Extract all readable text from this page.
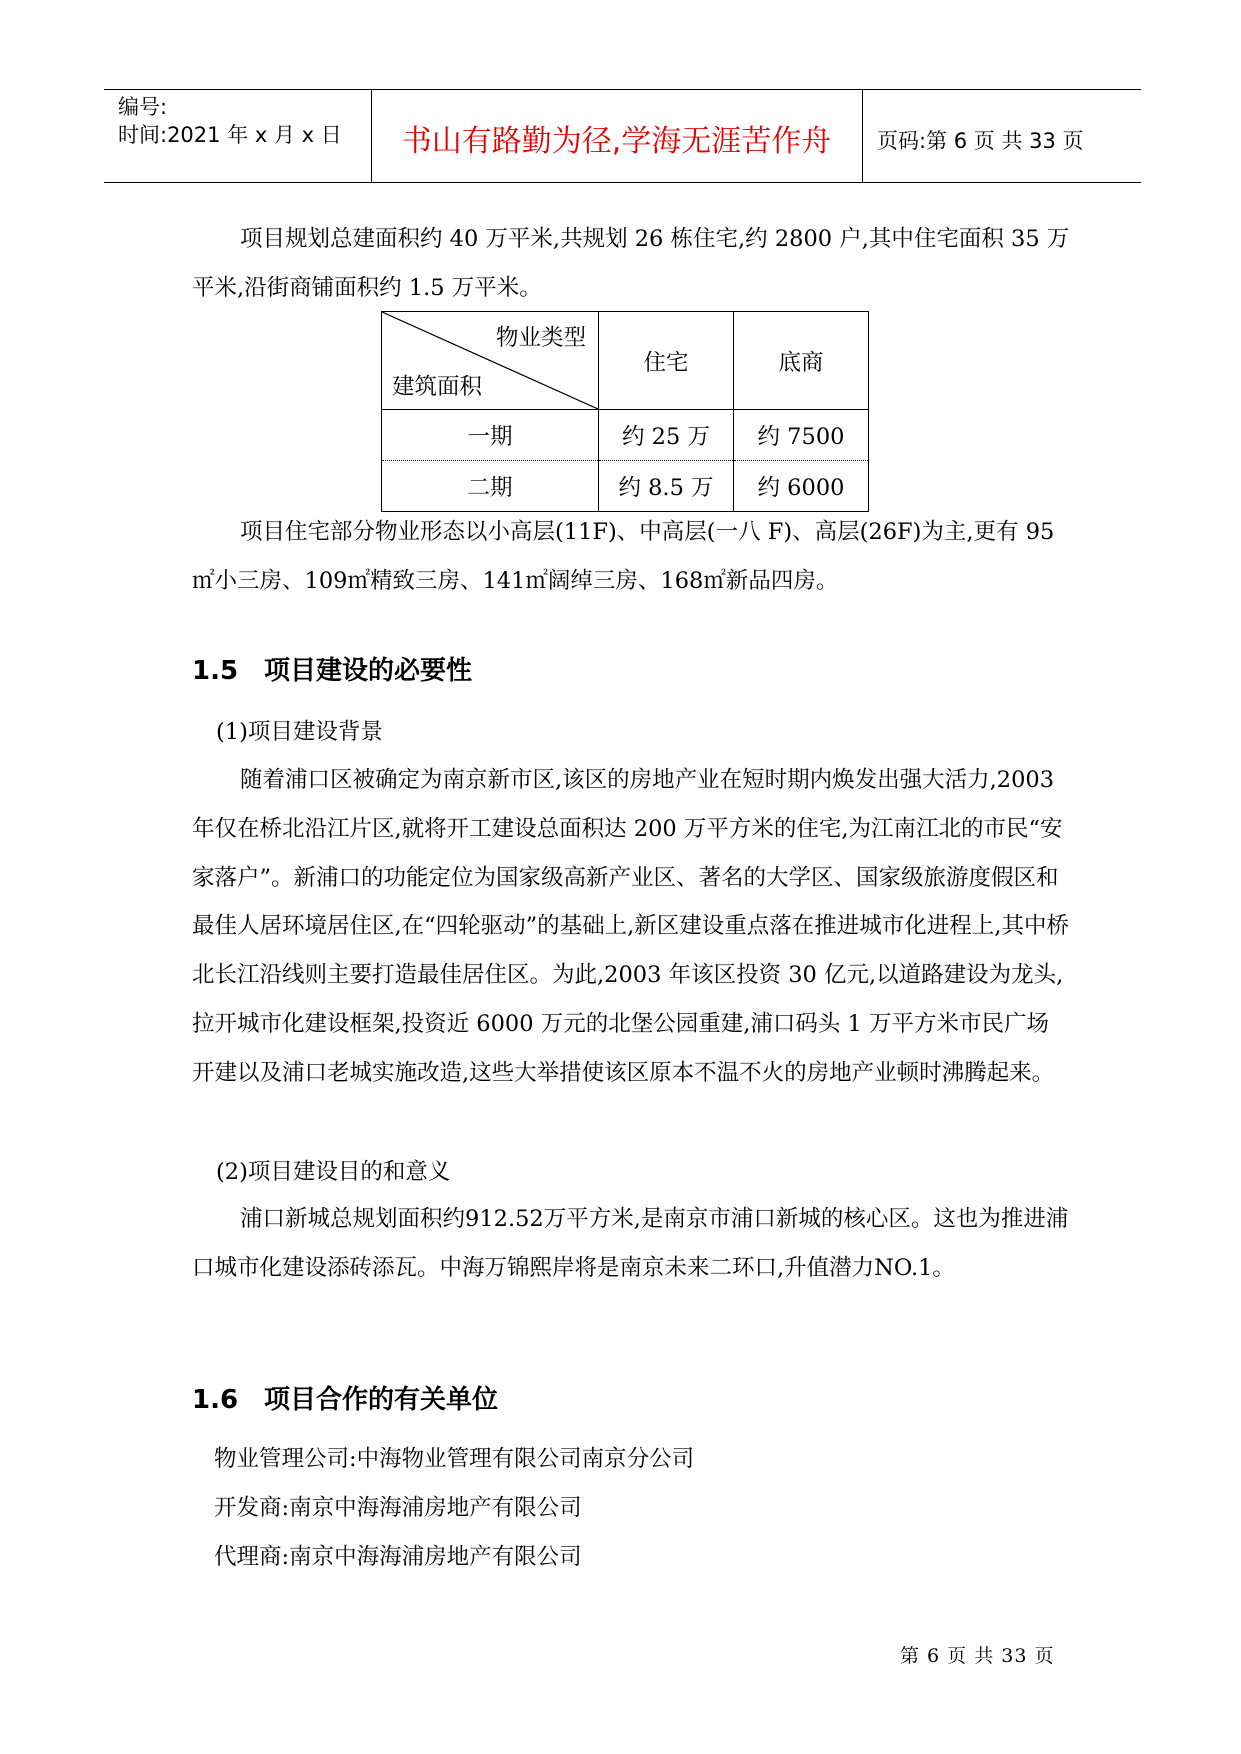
编号:
时间:2021 年 x 月 x 日	书山有路勤为径,学海无涯苦作舟	页码:第 6 页 共 33 页
项目规划总建面积约 40 万平米,共规划 26 栋住宅,约 2800 户,其中住宅面积 35 万平米,沿街商铺面积约 1.5 万平米。
物业类型
建筑面积	住宅	底商
一期	约 25 万	约 7500
二期	约 8.5 万	约 6000
项目住宅部分物业形态以小高层(11F)、中高层(一八 F)、高层(26F)为主,更有 95㎡小三房、109㎡精致三房、141㎡阔绰三房、168㎡新品四房。
1.5 项目建设的必要性
(1)项目建设背景
随着浦口区被确定为南京新市区,该区的房地产业在短时期内焕发出强大活力,2003 年仅在桥北沿江片区,就将开工建设总面积达 200 万平方米的住宅,为江南江北的市民“安家落户”。新浦口的功能定位为国家级高新产业区、著名的大学区、国家级旅游度假区和最佳人居环境居住区,在“四轮驱动”的基础上,新区建设重点落在推进城市化进程上,其中桥北长江沿线则主要打造最佳居住区。为此,2003 年该区投资 30 亿元,以道路建设为龙头,拉开城市化建设框架,投资近 6000 万元的北堡公园重建,浦口码头 1 万平方米市民广场开建以及浦口老城实施改造,这些大举措使该区原本不温不火的房地产业顿时沸腾起来。
(2)项目建设目的和意义
浦口新城总规划面积约912.52万平方米,是南京市浦口新城的核心区。这也为推进浦口城市化建设添砖添瓦。中海万锦熙岸将是南京未来二环口,升值潜力NO.1。
1.6 项目合作的有关单位
物业管理公司:中海物业管理有限公司南京分公司
开发商:南京中海海浦房地产有限公司
代理商:南京中海海浦房地产有限公司
第 6 页 共 33 页
